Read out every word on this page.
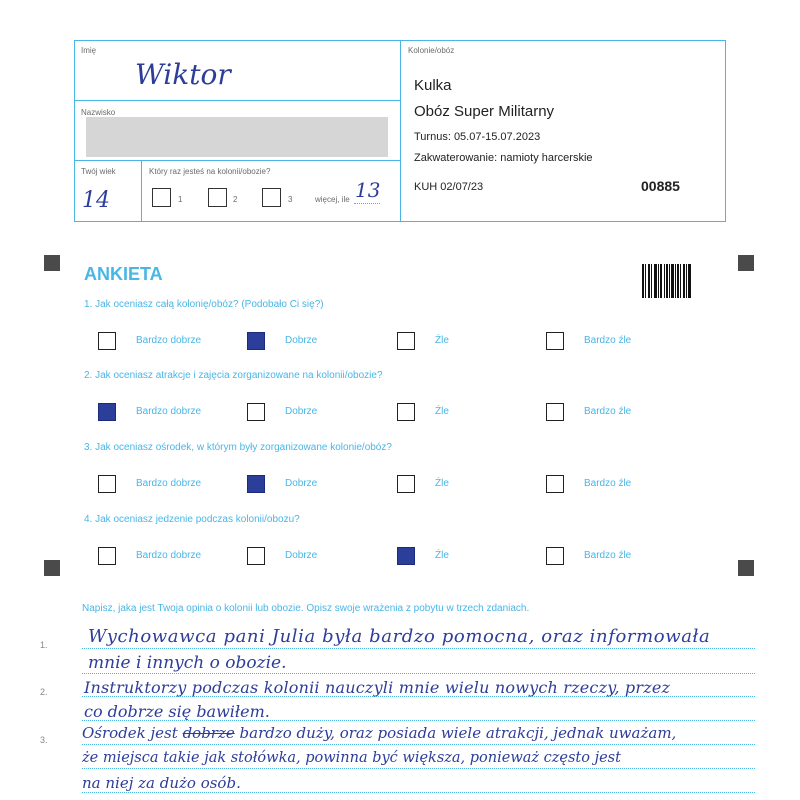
Imię
Wiktor
Nazwisko
Twój wiek
14
Który raz jesteś na kolonii/obozie?
1	2	3	więcej, ile 13
Kolonie/obóz
Kulka
Obóz Super Militarny
Turnus: 05.07-15.07.2023
Zakwaterowanie: namioty harcerskie
KUH 02/07/23	00885
ANKIETA
1. Jak oceniasz całą kolonię/obóz? (Podobało Ci się?)
Bardzo dobrze	Dobrze	Źle	Bardzo źle
2. Jak oceniasz atrakcje i zajęcia zorganizowane na kolonii/obozie?
Bardzo dobrze	Dobrze	Źle	Bardzo źle
3. Jak oceniasz ośrodek, w którym były zorganizowane kolonie/obóz?
Bardzo dobrze	Dobrze	Źle	Bardzo źle
4. Jak oceniasz jedzenie podczas kolonii/obozu?
Bardzo dobrze	Dobrze	Źle	Bardzo źle
Napisz, jaka jest Twoja opinia o kolonii lub obozie. Opisz swoje wrażenia z pobytu w trzech zdaniach.
1.
2.
3.
Wychowawca pani Julia była bardzo pomocna, oraz informowała
mnie i innych o obozie.
Instruktorzy podczas kolonii nauczyli mnie wielu nowych rzeczy, przez
co dobrze się bawiłem.
Ośrodek jest dobrze bardzo duży, oraz posiada wiele atrakcji, jednak uważam,
że miejsca takie jak stołówka, powinna być większa, ponieważ często jest
na niej za dużo osób.
